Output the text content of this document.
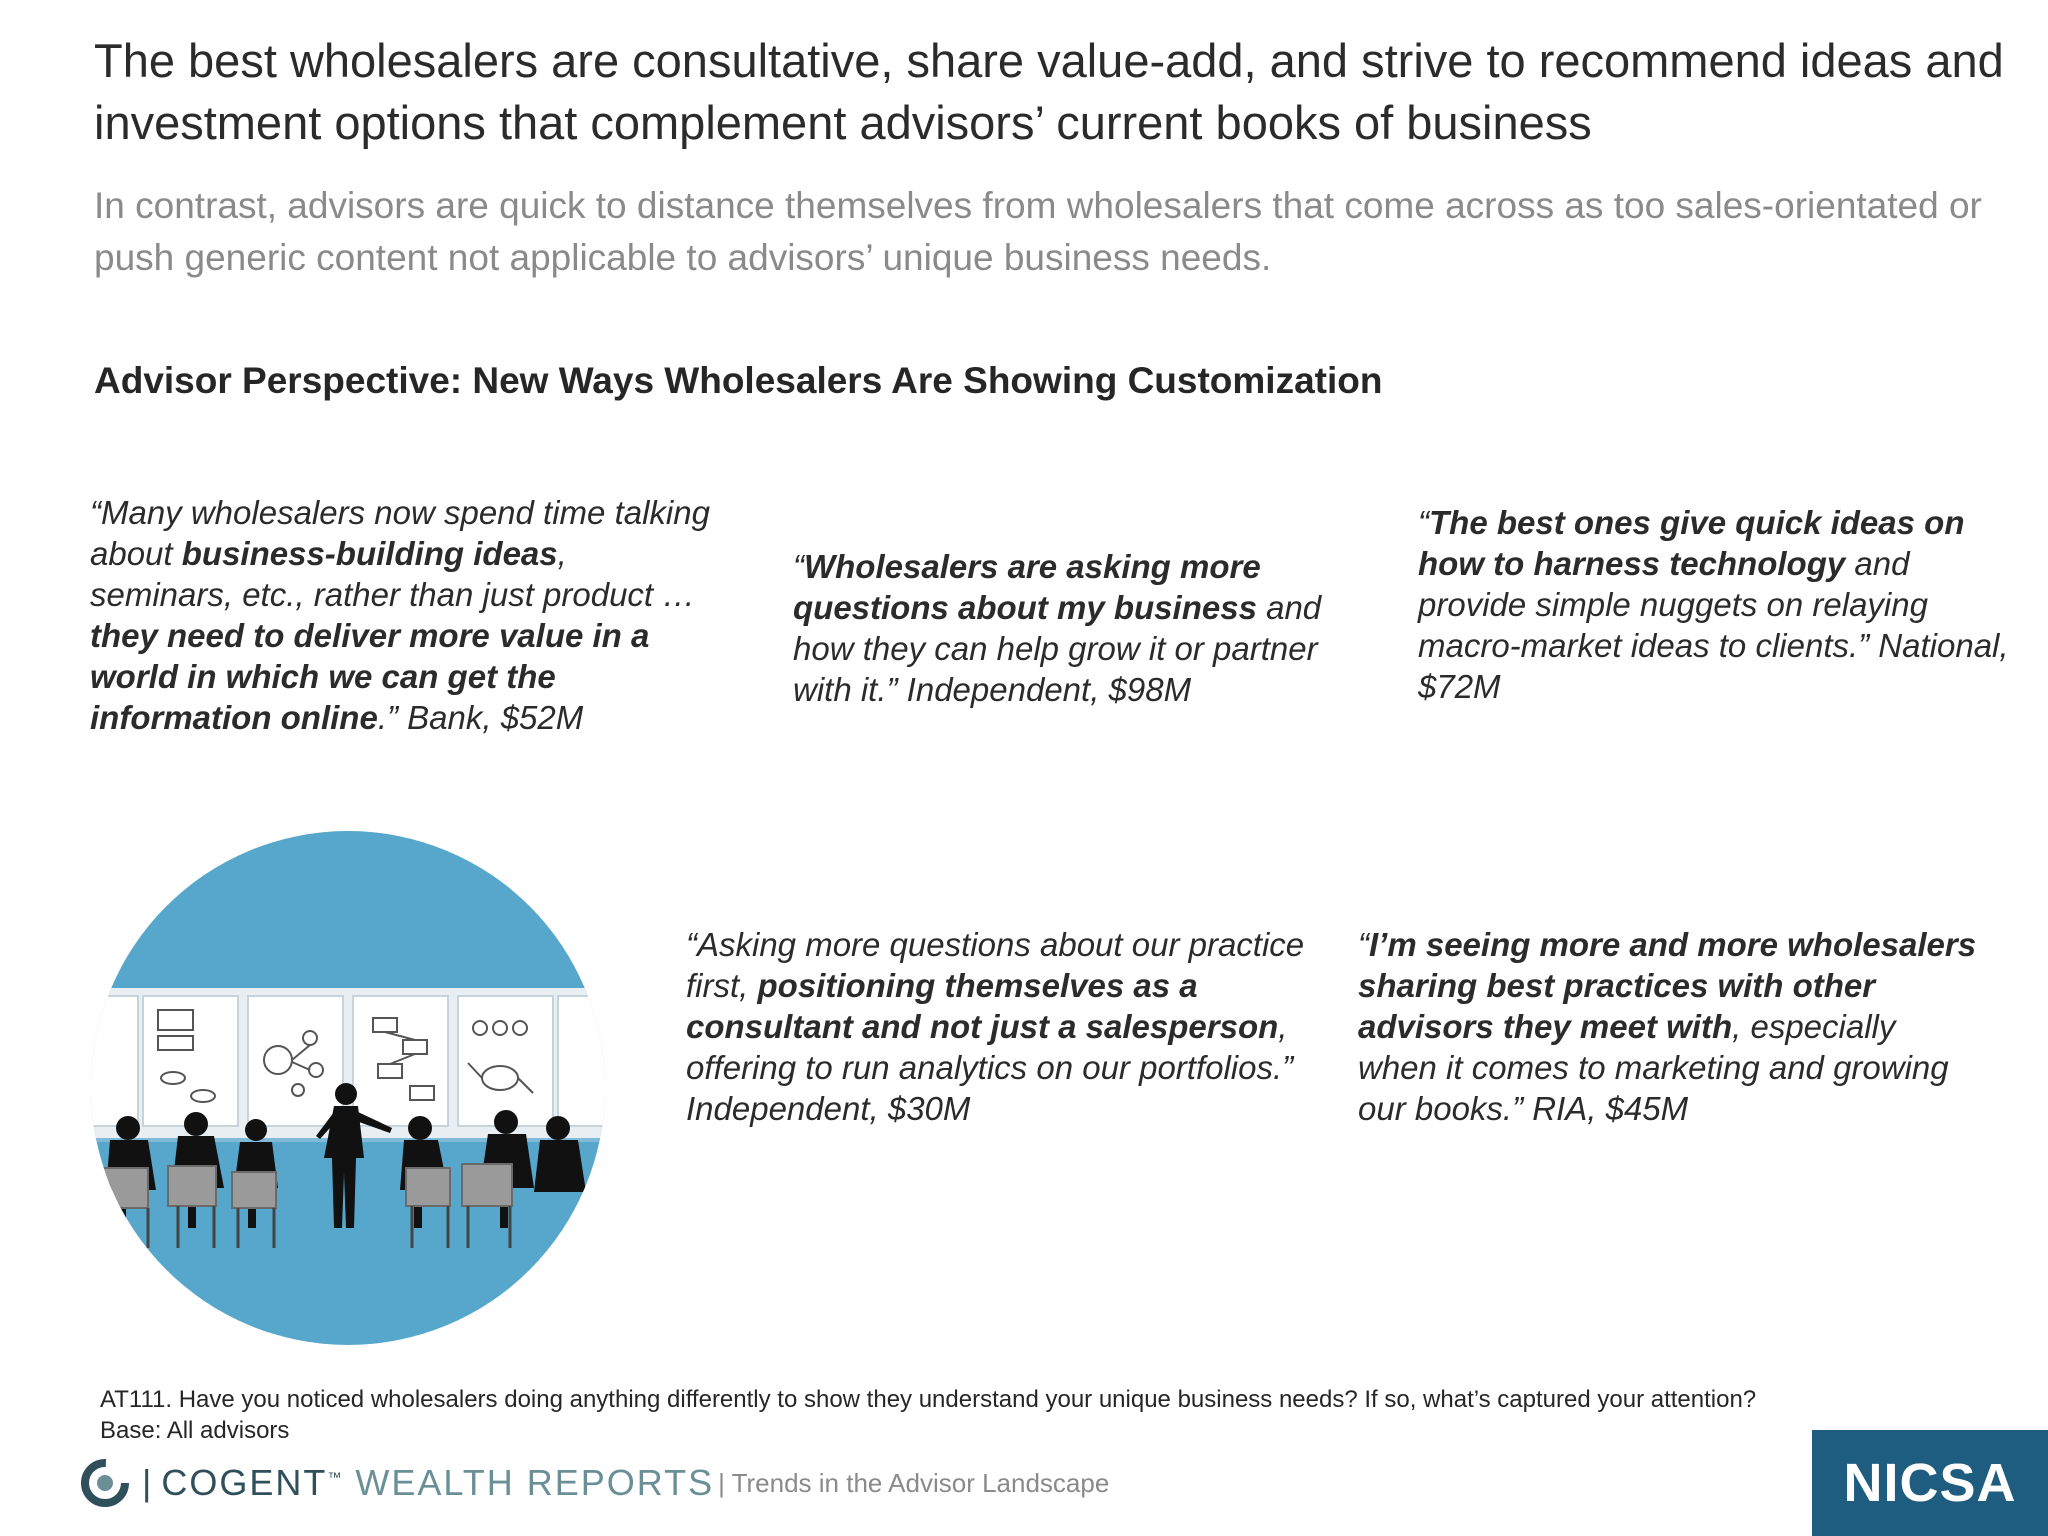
The best wholesalers are consultative, share value-add, and strive to recommend ideas and investment options that complement advisors’ current books of business
In contrast, advisors are quick to distance themselves from wholesalers that come across as too sales-orientated or push generic content not applicable to advisors’ unique business needs.
Advisor Perspective: New Ways Wholesalers Are Showing Customization
“Many wholesalers now spend time talking about business-building ideas, seminars, etc., rather than just product … they need to deliver more value in a world in which we can get the information online.” Bank, $52M
“Wholesalers are asking more questions about my business and how they can help grow it or partner with it.” Independent, $98M
“The best ones give quick ideas on how to harness technology and provide simple nuggets on relaying macro-market ideas to clients.” National, $72M
“Asking more questions about our practice first, positioning themselves as a consultant and not just a salesperson, offering to run analytics on our portfolios.” Independent, $30M
“I’m seeing more and more wholesalers sharing best practices with other advisors they meet with, especially when it comes to marketing and growing our books.” RIA, $45M
AT111. Have you noticed wholesalers doing anything differently to show they understand your unique business needs? If so, what’s captured your attention?
Base: All advisors
| COGENT™ WEALTH REPORTS | Trends in the Advisor Landscape	NICSA
